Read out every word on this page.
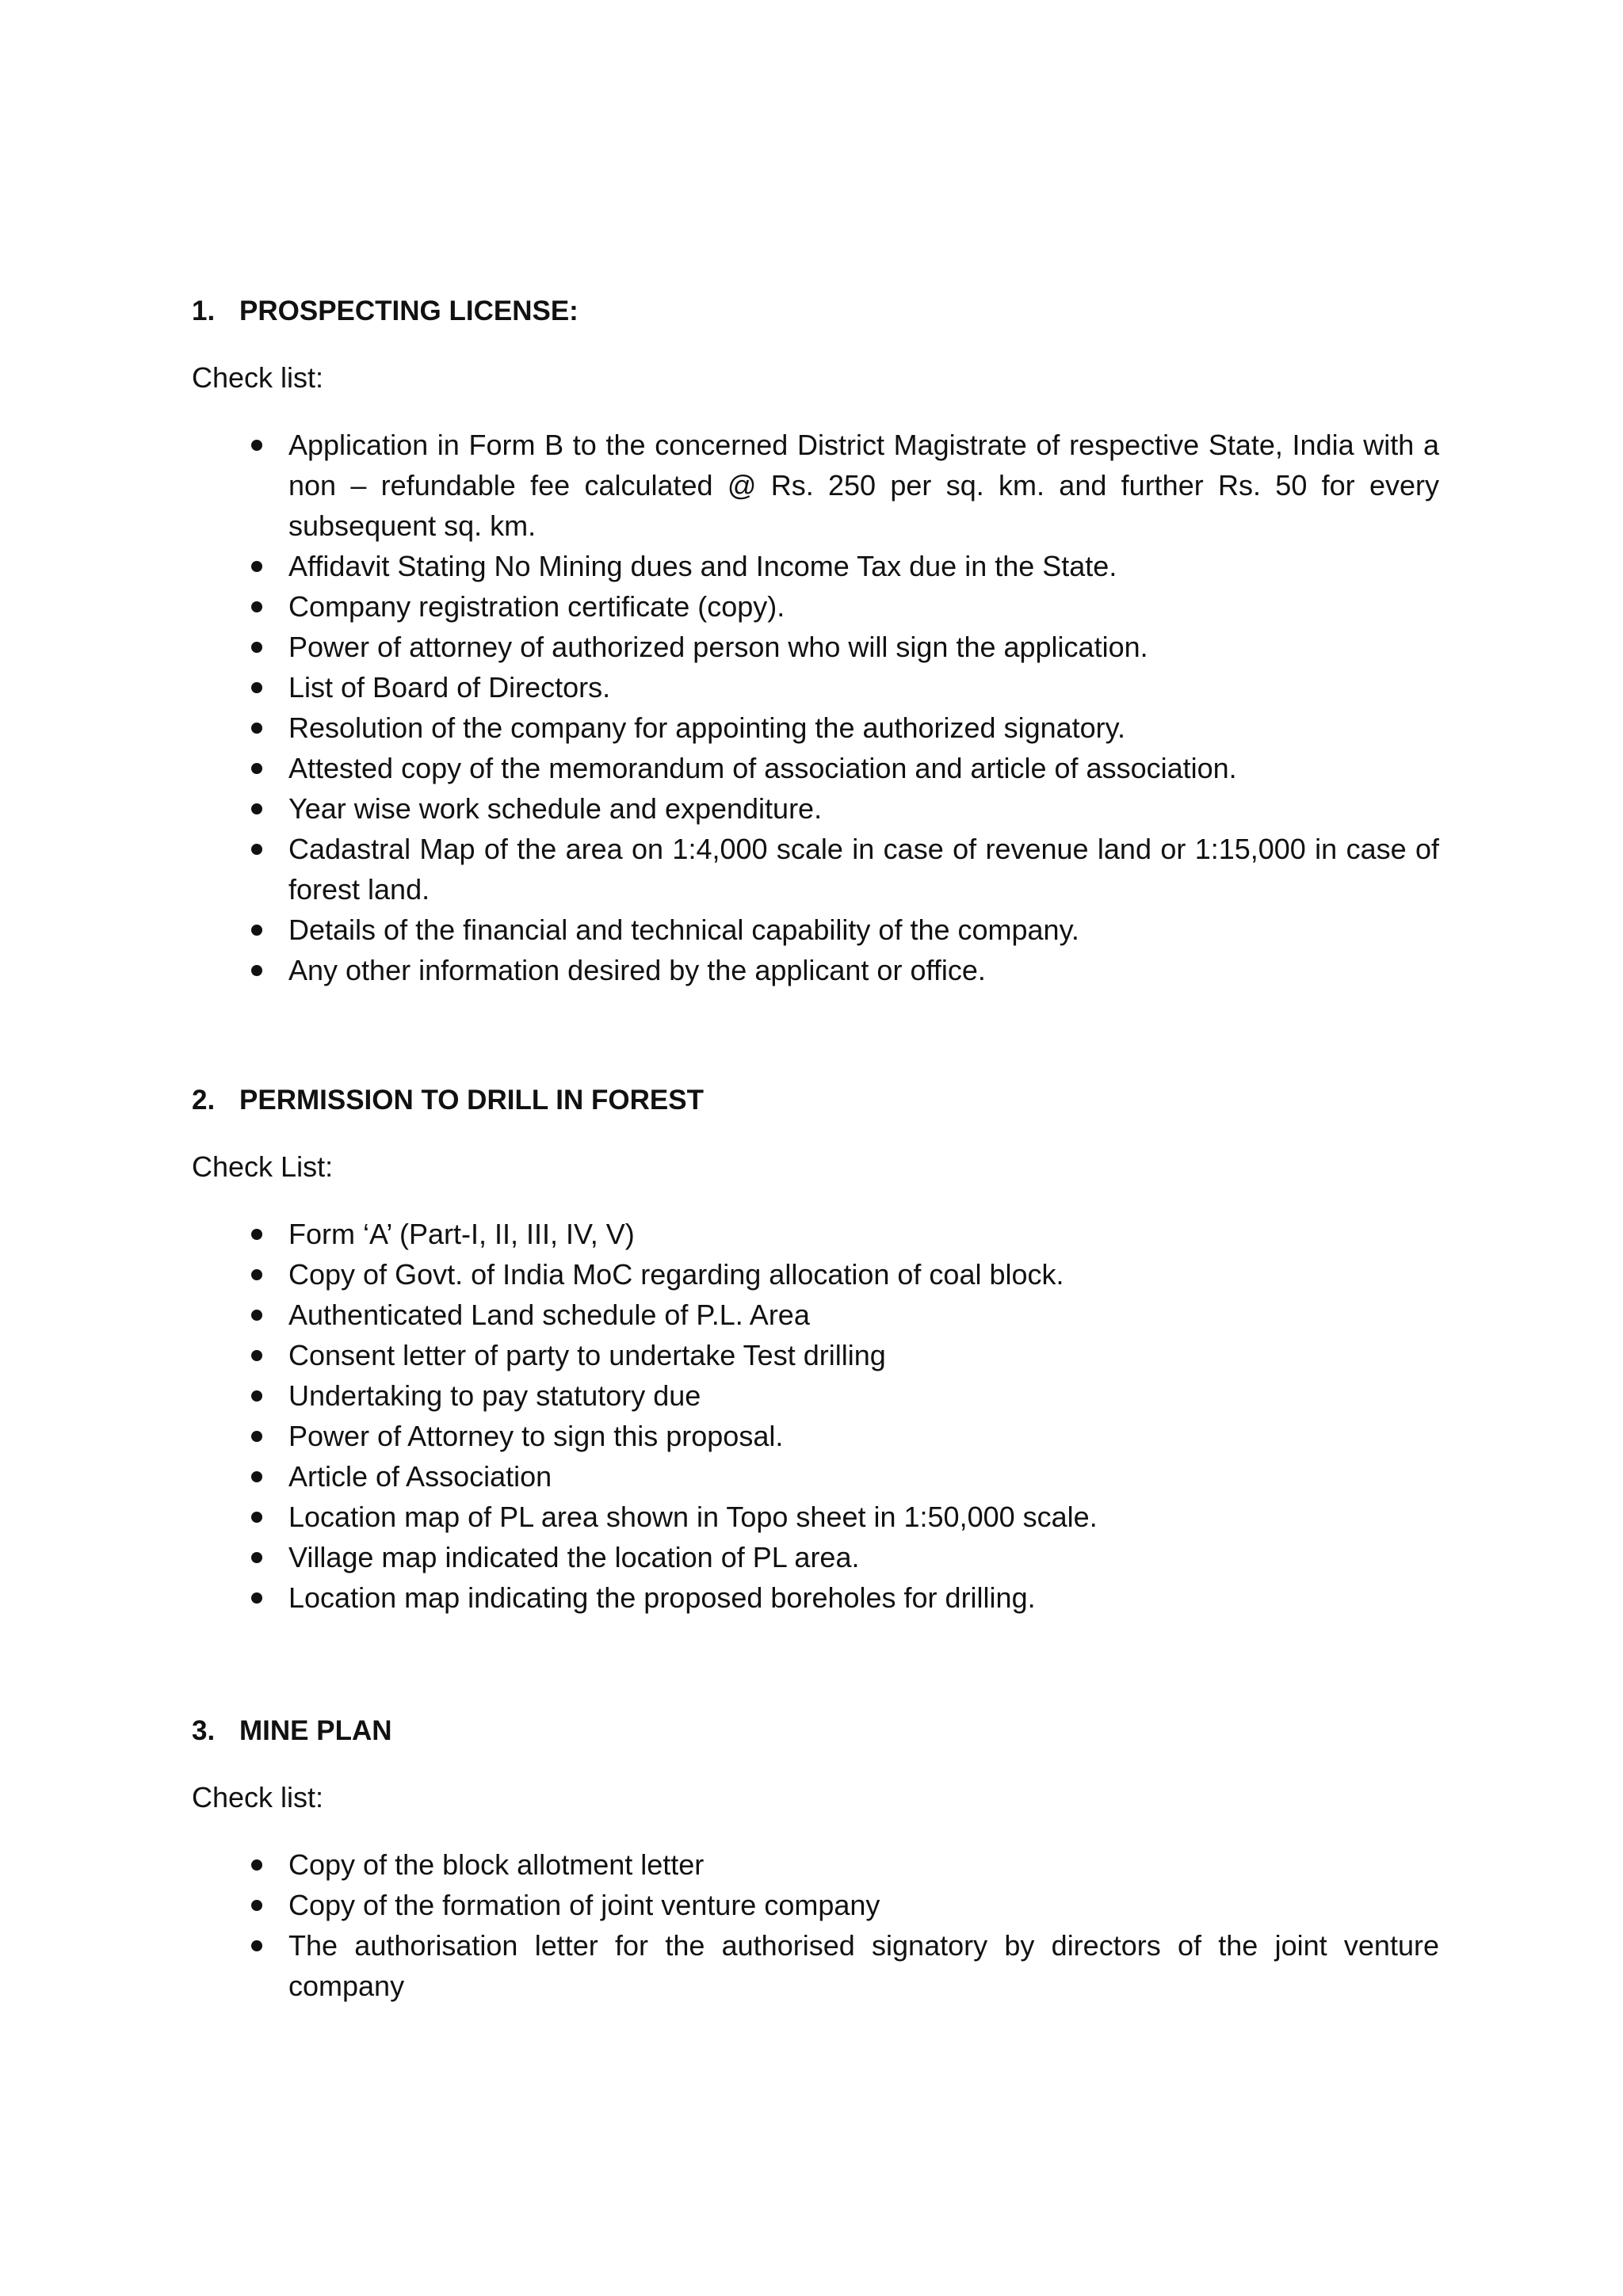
1. PROSPECTING LICENSE:

Check list:

Application in Form B to the concerned District Magistrate of respective State, India with a non – refundable fee calculated @ Rs. 250 per sq. km. and further Rs. 50 for every subsequent sq. km.
Affidavit Stating No Mining dues and Income Tax due in the State.
Company registration certificate (copy).
Power of attorney of authorized person who will sign the application.
List of Board of Directors.
Resolution of the company for appointing the authorized signatory.
Attested copy of the memorandum of association and article of association.
Year wise work schedule and expenditure.
Cadastral Map of the area on 1:4,000 scale in case of revenue land or 1:15,000 in case of forest land.
Details of the financial and technical capability of the company.
Any other information desired by the applicant or office.
2. PERMISSION TO DRILL IN FOREST

Check List:

Form ‘A’ (Part-I, II, III, IV, V)
Copy of Govt. of India MoC regarding allocation of coal block.
Authenticated Land schedule of P.L. Area
Consent letter of party to undertake Test drilling
Undertaking to pay statutory due
Power of Attorney to sign this proposal.
Article of Association
Location map of PL area shown in Topo sheet in 1:50,000 scale.
Village map indicated the location of PL area.
Location map indicating the proposed boreholes for drilling.
3. MINE PLAN

Check list:

Copy of the block allotment letter
Copy of the formation of joint venture company
The authorisation letter for the authorised signatory by directors of the joint venture company
